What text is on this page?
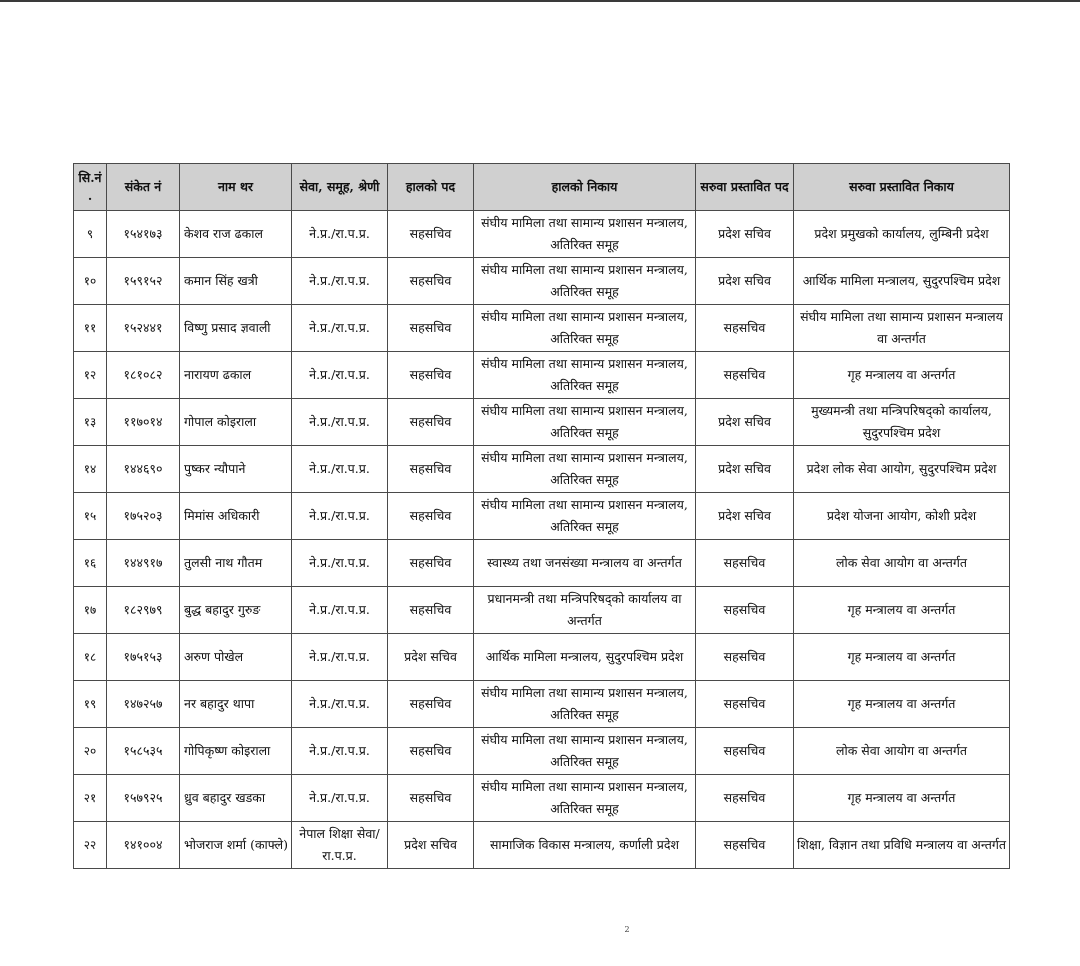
सि.नं .	संकेत नं	नाम थर	सेवा, समूह, श्रेणी	हालको पद	हालको निकाय	सरुवा प्रस्तावित पद	सरुवा प्रस्तावित निकाय
९	१५४१७३	केशव राज ढकाल	ने.प्र./रा.प.प्र.	सहसचिव	संघीय मामिला तथा सामान्य प्रशासन मन्त्रालय, अतिरिक्त समूह	प्रदेश सचिव	प्रदेश प्रमुखको कार्यालय, लुम्बिनी प्रदेश
१०	१५९१५२	कमान सिंह खत्री	ने.प्र./रा.प.प्र.	सहसचिव	संघीय मामिला तथा सामान्य प्रशासन मन्त्रालय, अतिरिक्त समूह	प्रदेश सचिव	आर्थिक मामिला मन्त्रालय, सुदुरपश्चिम प्रदेश
११	१५२४४१	विष्णु प्रसाद ज्ञवाली	ने.प्र./रा.प.प्र.	सहसचिव	संघीय मामिला तथा सामान्य प्रशासन मन्त्रालय, अतिरिक्त समूह	सहसचिव	संघीय मामिला तथा सामान्य प्रशासन मन्त्रालय वा अन्तर्गत
१२	१८१०८२	नारायण ढकाल	ने.प्र./रा.प.प्र.	सहसचिव	संघीय मामिला तथा सामान्य प्रशासन मन्त्रालय, अतिरिक्त समूह	सहसचिव	गृह मन्त्रालय वा अन्तर्गत
१३	११७०१४	गोपाल कोइराला	ने.प्र./रा.प.प्र.	सहसचिव	संघीय मामिला तथा सामान्य प्रशासन मन्त्रालय, अतिरिक्त समूह	प्रदेश सचिव	मुख्यमन्त्री तथा मन्त्रिपरिषद्को कार्यालय, सुदुरपश्चिम प्रदेश
१४	१४४६९०	पुष्कर न्यौपाने	ने.प्र./रा.प.प्र.	सहसचिव	संघीय मामिला तथा सामान्य प्रशासन मन्त्रालय, अतिरिक्त समूह	प्रदेश सचिव	प्रदेश लोक सेवा आयोग, सुदुरपश्चिम प्रदेश
१५	१७५२०३	मिमांस अधिकारी	ने.प्र./रा.प.प्र.	सहसचिव	संघीय मामिला तथा सामान्य प्रशासन मन्त्रालय, अतिरिक्त समूह	प्रदेश सचिव	प्रदेश योजना आयोग, कोशी प्रदेश
१६	१४४९१७	तुलसी नाथ गौतम	ने.प्र./रा.प.प्र.	सहसचिव	स्वास्थ्य तथा जनसंख्या मन्त्रालय वा अन्तर्गत	सहसचिव	लोक सेवा आयोग वा अन्तर्गत
१७	१८२९७९	बुद्ध बहादुर गुरुङ	ने.प्र./रा.प.प्र.	सहसचिव	प्रधानमन्त्री तथा मन्त्रिपरिषद्को कार्यालय वा अन्तर्गत	सहसचिव	गृह मन्त्रालय वा अन्तर्गत
१८	१७५१५३	अरुण पोखेल	ने.प्र./रा.प.प्र.	प्रदेश सचिव	आर्थिक मामिला मन्त्रालय, सुदुरपश्चिम प्रदेश	सहसचिव	गृह मन्त्रालय वा अन्तर्गत
१९	१४७२५७	नर बहादुर थापा	ने.प्र./रा.प.प्र.	सहसचिव	संघीय मामिला तथा सामान्य प्रशासन मन्त्रालय, अतिरिक्त समूह	सहसचिव	गृह मन्त्रालय वा अन्तर्गत
२०	१५८५३५	गोपिकृष्ण कोइराला	ने.प्र./रा.प.प्र.	सहसचिव	संघीय मामिला तथा सामान्य प्रशासन मन्त्रालय, अतिरिक्त समूह	सहसचिव	लोक सेवा आयोग वा अन्तर्गत
२१	१५७९२५	ध्रुव बहादुर खडका	ने.प्र./रा.प.प्र.	सहसचिव	संघीय मामिला तथा सामान्य प्रशासन मन्त्रालय, अतिरिक्त समूह	सहसचिव	गृह मन्त्रालय वा अन्तर्गत
२२	१४१००४	भोजराज शर्मा (काफ्ले)	नेपाल शिक्षा सेवा/रा.प.प्र.	प्रदेश सचिव	सामाजिक विकास मन्त्रालय, कर्णाली प्रदेश	सहसचिव	शिक्षा, विज्ञान तथा प्रविधि मन्त्रालय वा अन्तर्गत
2
